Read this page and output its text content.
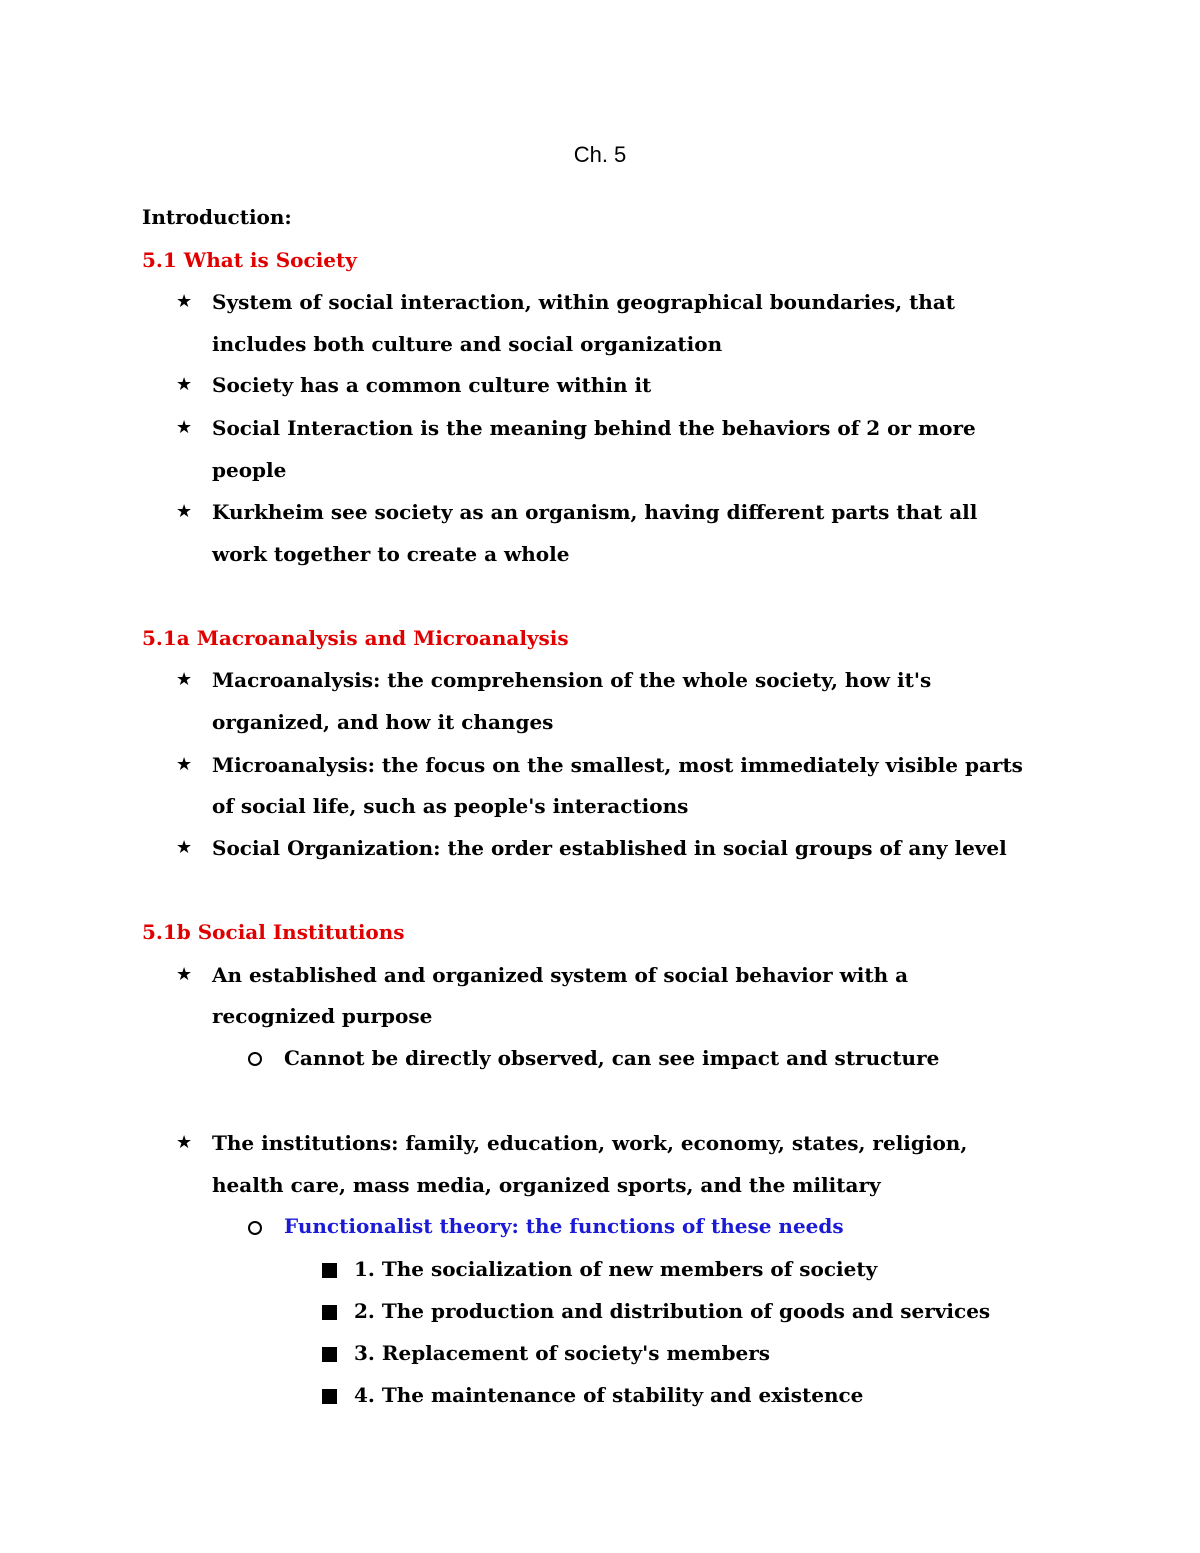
Ch. 5
Introduction:
5.1 What is Society
★ System of social interaction, within geographical boundaries, that
includes both culture and social organization
★ Society has a common culture within it
★ Social Interaction is the meaning behind the behaviors of 2 or more
people
★ Kurkheim see society as an organism, having different parts that all
work together to create a whole
5.1a Macroanalysis and Microanalysis
★ Macroanalysis: the comprehension of the whole society, how it's
organized, and how it changes
★ Microanalysis: the focus on the smallest, most immediately visible parts
of social life, such as people's interactions
★ Social Organization: the order established in social groups of any level
5.1b Social Institutions
★ An established and organized system of social behavior with a
recognized purpose
Cannot be directly observed, can see impact and structure
★ The institutions: family, education, work, economy, states, religion,
health care, mass media, organized sports, and the military
Functionalist theory: the functions of these needs
1. The socialization of new members of society
2. The production and distribution of goods and services
3. Replacement of society's members
4. The maintenance of stability and existence
